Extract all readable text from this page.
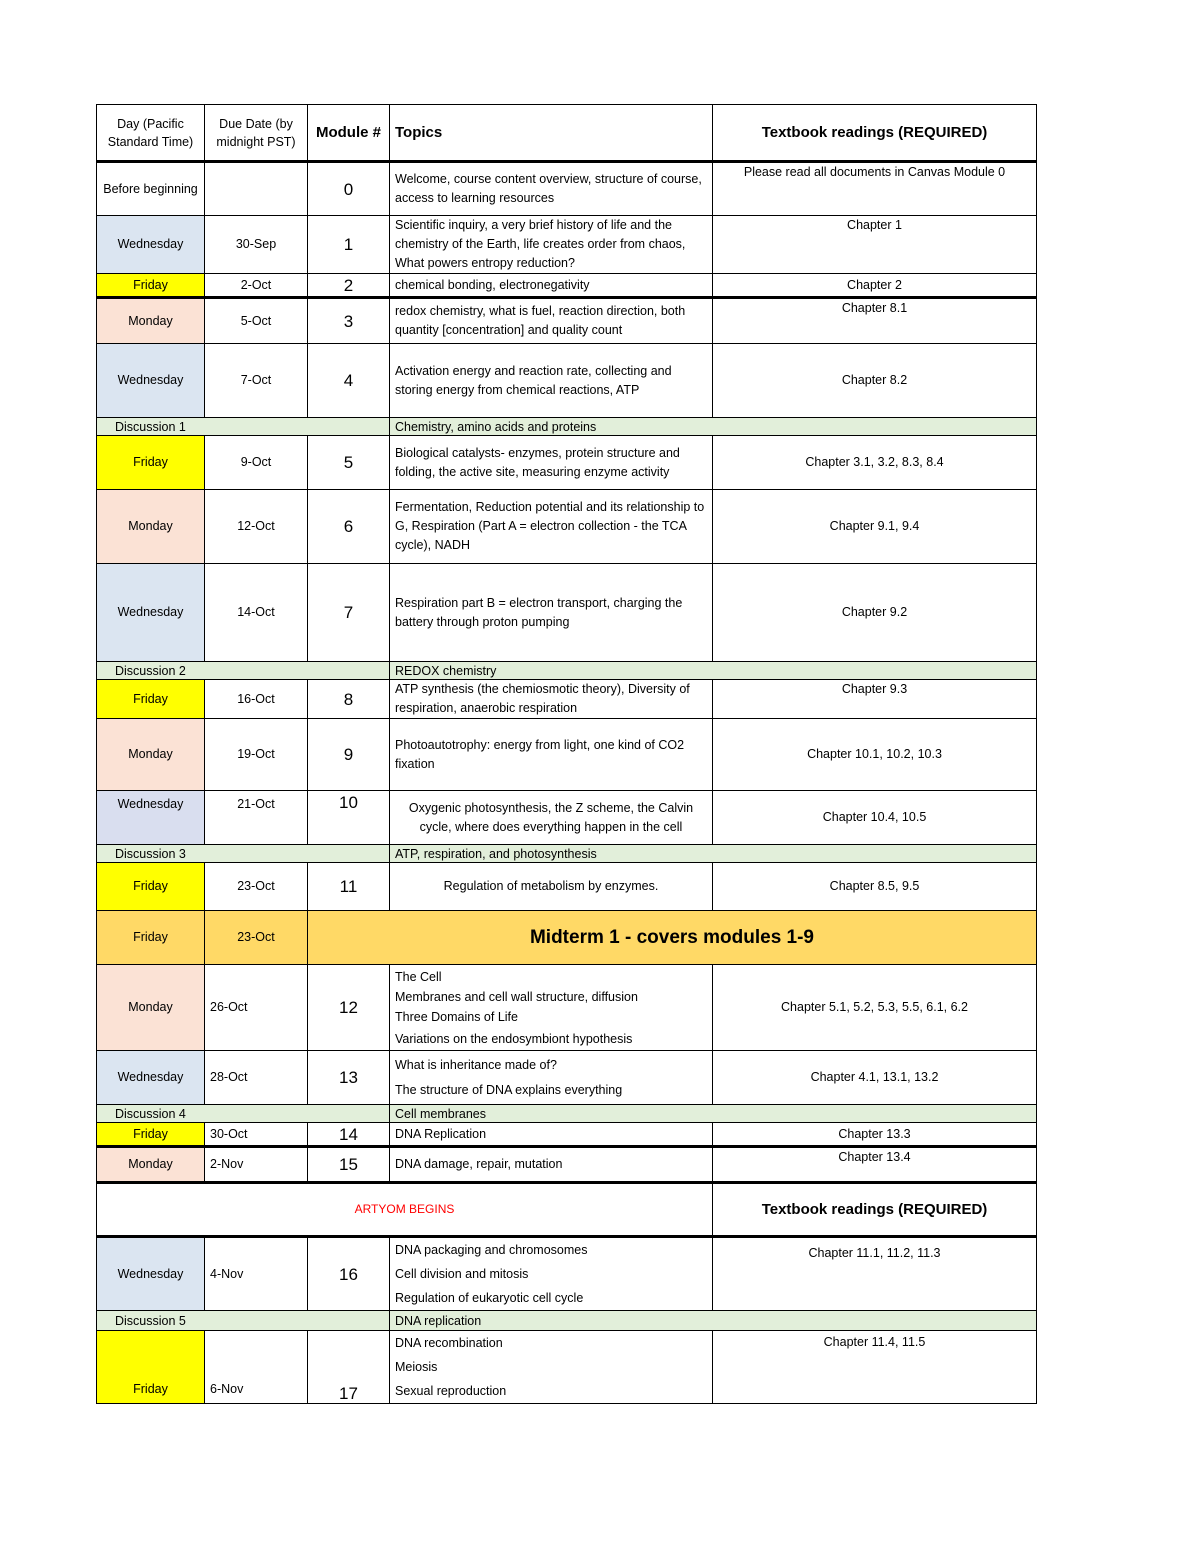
Day (Pacific Standard Time)	Due Date (by midnight PST)	Module #	Topics	Textbook readings (REQUIRED)
Before beginning		0	Welcome, course content overview, structure of course, access to learning resources	Please read all documents in Canvas Module 0
Wednesday	30-Sep	1	Scientific inquiry, a very brief history of life and the chemistry of the Earth, life creates order from chaos, What powers entropy reduction?	Chapter 1
Friday	2-Oct	2	chemical bonding, electronegativity	Chapter 2
Monday	5-Oct	3	redox chemistry, what is fuel, reaction direction, both quantity [concentration] and quality count	Chapter 8.1
Wednesday	7-Oct	4	Activation energy and reaction rate, collecting and storing energy from chemical reactions, ATP	Chapter 8.2
Discussion 1			Chemistry, amino acids and proteins	
Friday	9-Oct	5	Biological catalysts- enzymes, protein structure and folding, the active site, measuring enzyme activity	Chapter 3.1, 3.2, 8.3, 8.4
Monday	12-Oct	6	Fermentation, Reduction potential and its relationship to G, Respiration (Part A = electron collection - the TCA cycle), NADH	Chapter 9.1, 9.4
Wednesday	14-Oct	7	Respiration part B = electron transport, charging the battery through proton pumping	Chapter 9.2
Discussion 2			REDOX chemistry	
Friday	16-Oct	8	ATP synthesis (the chemiosmotic theory), Diversity of respiration, anaerobic respiration	Chapter 9.3
Monday	19-Oct	9	Photoautotrophy: energy from light, one kind of CO2 fixation	Chapter 10.1, 10.2, 10.3
Wednesday	21-Oct	10	Oxygenic photosynthesis, the Z scheme, the Calvin cycle, where does everything happen in the cell	Chapter 10.4, 10.5
Discussion 3			ATP, respiration, and photosynthesis	
Friday	23-Oct	11	Regulation of metabolism by enzymes.	Chapter 8.5, 9.5
Friday	23-Oct	Midterm 1 - covers modules 1-9		
Monday	26-Oct	12	The Cell
Membranes and cell wall structure, diffusion
Three Domains of Life
Variations on the endosymbiont hypothesis	Chapter 5.1, 5.2, 5.3, 5.5, 6.1, 6.2
Wednesday	28-Oct	13	What is inheritance made of?
The structure of DNA explains everything	Chapter 4.1, 13.1, 13.2
Discussion 4			Cell membranes	
Friday	30-Oct	14	DNA Replication	Chapter 13.3
Monday	2-Nov	15	DNA damage, repair, mutation	Chapter 13.4
ARTYOM BEGINS				Textbook readings (REQUIRED)
Wednesday	4-Nov	16	DNA packaging and chromosomes
Cell division and mitosis
Regulation of eukaryotic cell cycle	Chapter 11.1, 11.2, 11.3
Discussion 5			DNA replication	
Friday	6-Nov	17	DNA recombination
Meiosis
Sexual reproduction	Chapter 11.4, 11.5
